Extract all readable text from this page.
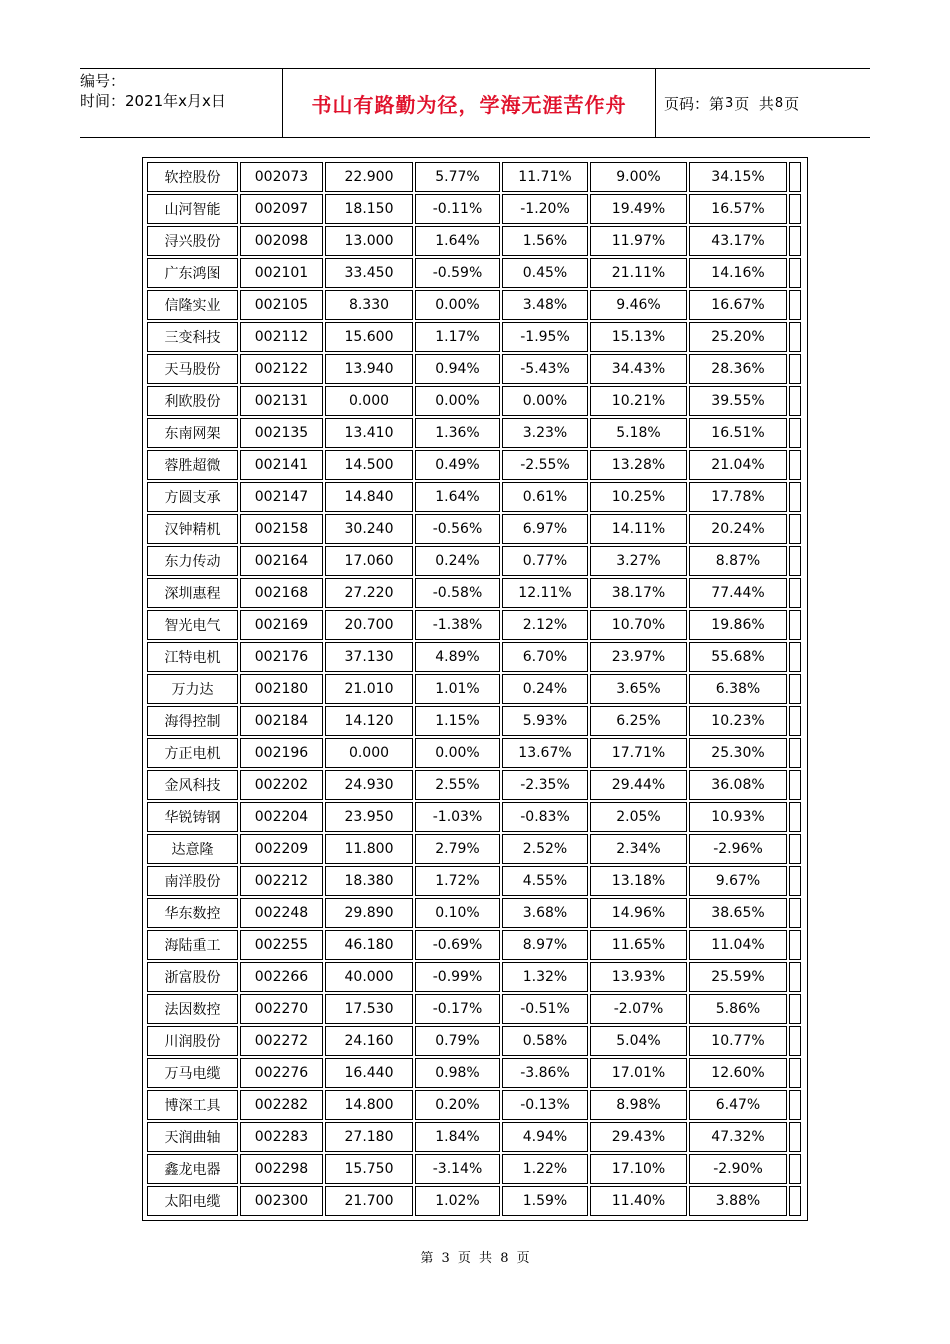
编号：
时间：2021年x月x日	书山有路勤为径，学海无涯苦作舟	页码：第 3 页  共 8 页
软控股份	002073	22.900	5.77%	11.71%	9.00%	34.15%	
山河智能	002097	18.150	-0.11%	-1.20%	19.49%	16.57%	
浔兴股份	002098	13.000	1.64%	1.56%	11.97%	43.17%	
广东鸿图	002101	33.450	-0.59%	0.45%	21.11%	14.16%	
信隆实业	002105	8.330	0.00%	3.48%	9.46%	16.67%	
三变科技	002112	15.600	1.17%	-1.95%	15.13%	25.20%	
天马股份	002122	13.940	0.94%	-5.43%	34.43%	28.36%	
利欧股份	002131	0.000	0.00%	0.00%	10.21%	39.55%	
东南网架	002135	13.410	1.36%	3.23%	5.18%	16.51%	
蓉胜超微	002141	14.500	0.49%	-2.55%	13.28%	21.04%	
方圆支承	002147	14.840	1.64%	0.61%	10.25%	17.78%	
汉钟精机	002158	30.240	-0.56%	6.97%	14.11%	20.24%	
东力传动	002164	17.060	0.24%	0.77%	3.27%	8.87%	
深圳惠程	002168	27.220	-0.58%	12.11%	38.17%	77.44%	
智光电气	002169	20.700	-1.38%	2.12%	10.70%	19.86%	
江特电机	002176	37.130	4.89%	6.70%	23.97%	55.68%	
万力达	002180	21.010	1.01%	0.24%	3.65%	6.38%	
海得控制	002184	14.120	1.15%	5.93%	6.25%	10.23%	
方正电机	002196	0.000	0.00%	13.67%	17.71%	25.30%	
金风科技	002202	24.930	2.55%	-2.35%	29.44%	36.08%	
华锐铸钢	002204	23.950	-1.03%	-0.83%	2.05%	10.93%	
达意隆	002209	11.800	2.79%	2.52%	2.34%	-2.96%	
南洋股份	002212	18.380	1.72%	4.55%	13.18%	9.67%	
华东数控	002248	29.890	0.10%	3.68%	14.96%	38.65%	
海陆重工	002255	46.180	-0.69%	8.97%	11.65%	11.04%	
浙富股份	002266	40.000	-0.99%	1.32%	13.93%	25.59%	
法因数控	002270	17.530	-0.17%	-0.51%	-2.07%	5.86%	
川润股份	002272	24.160	0.79%	0.58%	5.04%	10.77%	
万马电缆	002276	16.440	0.98%	-3.86%	17.01%	12.60%	
博深工具	002282	14.800	0.20%	-0.13%	8.98%	6.47%	
天润曲轴	002283	27.180	1.84%	4.94%	29.43%	47.32%	
鑫龙电器	002298	15.750	-3.14%	1.22%	17.10%	-2.90%	
太阳电缆	002300	21.700	1.02%	1.59%	11.40%	3.88%	
第 3 页 共 8 页
